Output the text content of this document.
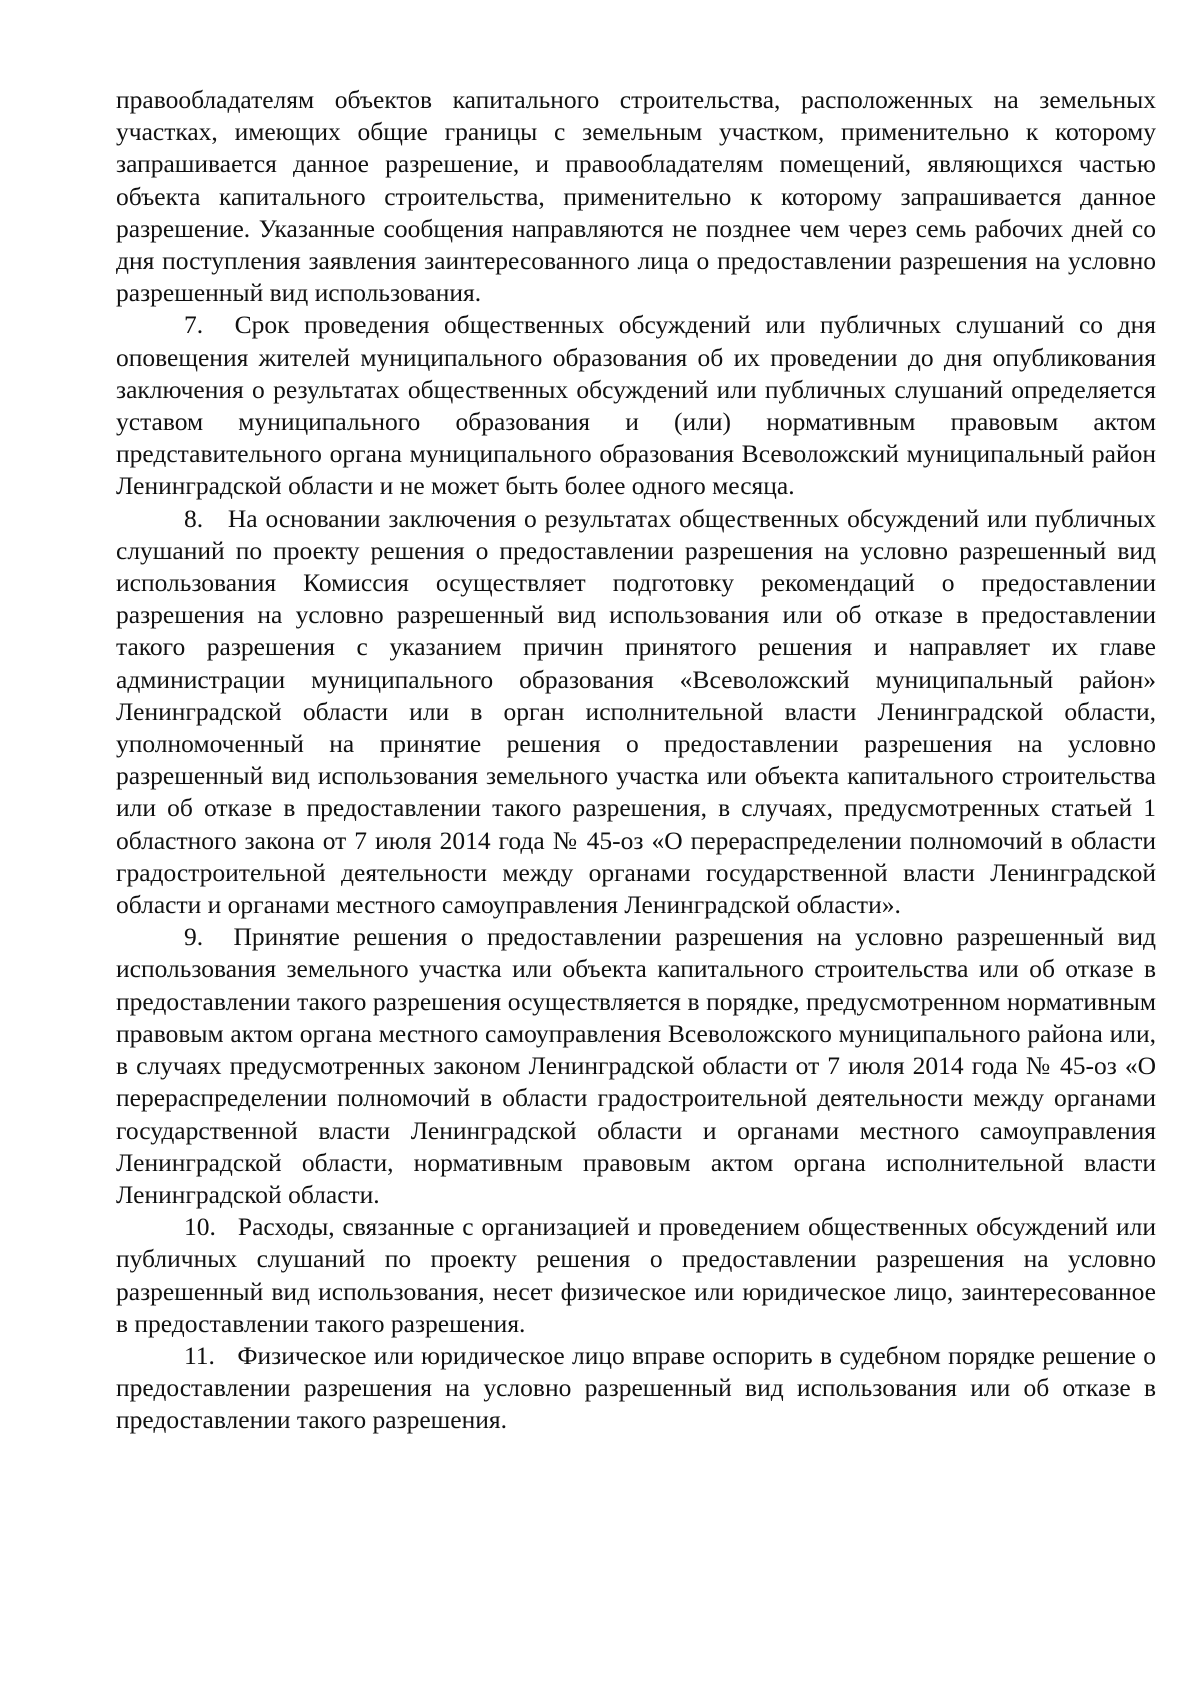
правообладателям объектов капитального строительства, расположенных на земельных участках, имеющих общие границы с земельным участком, применительно к которому запрашивается данное разрешение, и правообладателям помещений, являющихся частью объекта капитального строительства, применительно к которому запрашивается данное разрешение. Указанные сообщения направляются не позднее чем через семь рабочих дней со дня поступления заявления заинтересованного лица о предоставлении разрешения на условно разрешенный вид использования.

7. Срок проведения общественных обсуждений или публичных слушаний со дня оповещения жителей муниципального образования об их проведении до дня опубликования заключения о результатах общественных обсуждений или публичных слушаний определяется уставом муниципального образования и (или) нормативным правовым актом представительного органа муниципального образования Всеволожский муниципальный район Ленинградской области и не может быть более одного месяца.

8. На основании заключения о результатах общественных обсуждений или публичных слушаний по проекту решения о предоставлении разрешения на условно разрешенный вид использования Комиссия осуществляет подготовку рекомендаций о предоставлении разрешения на условно разрешенный вид использования или об отказе в предоставлении такого разрешения с указанием причин принятого решения и направляет их главе администрации муниципального образования «Всеволожский муниципальный район» Ленинградской области или в орган исполнительной власти Ленинградской области, уполномоченный на принятие решения о предоставлении разрешения на условно разрешенный вид использования земельного участка или объекта капитального строительства или об отказе в предоставлении такого разрешения, в случаях, предусмотренных статьей 1 областного закона от 7 июля 2014 года № 45-оз «О перераспределении полномочий в области градостроительной деятельности между органами государственной власти Ленинградской области и органами местного самоуправления Ленинградской области».

9. Принятие решения о предоставлении разрешения на условно разрешенный вид использования земельного участка или объекта капитального строительства или об отказе в предоставлении такого разрешения осуществляется в порядке, предусмотренном нормативным правовым актом органа местного самоуправления Всеволожского муниципального района или, в случаях предусмотренных законом Ленинградской области от 7 июля 2014 года № 45-оз «О перераспределении полномочий в области градостроительной деятельности между органами государственной власти Ленинградской области и органами местного самоуправления Ленинградской области, нормативным правовым актом органа исполнительной власти Ленинградской области.

10. Расходы, связанные с организацией и проведением общественных обсуждений или публичных слушаний по проекту решения о предоставлении разрешения на условно разрешенный вид использования, несет физическое или юридическое лицо, заинтересованное в предоставлении такого разрешения.

11. Физическое или юридическое лицо вправе оспорить в судебном порядке решение о предоставлении разрешения на условно разрешенный вид использования или об отказе в предоставлении такого разрешения.
